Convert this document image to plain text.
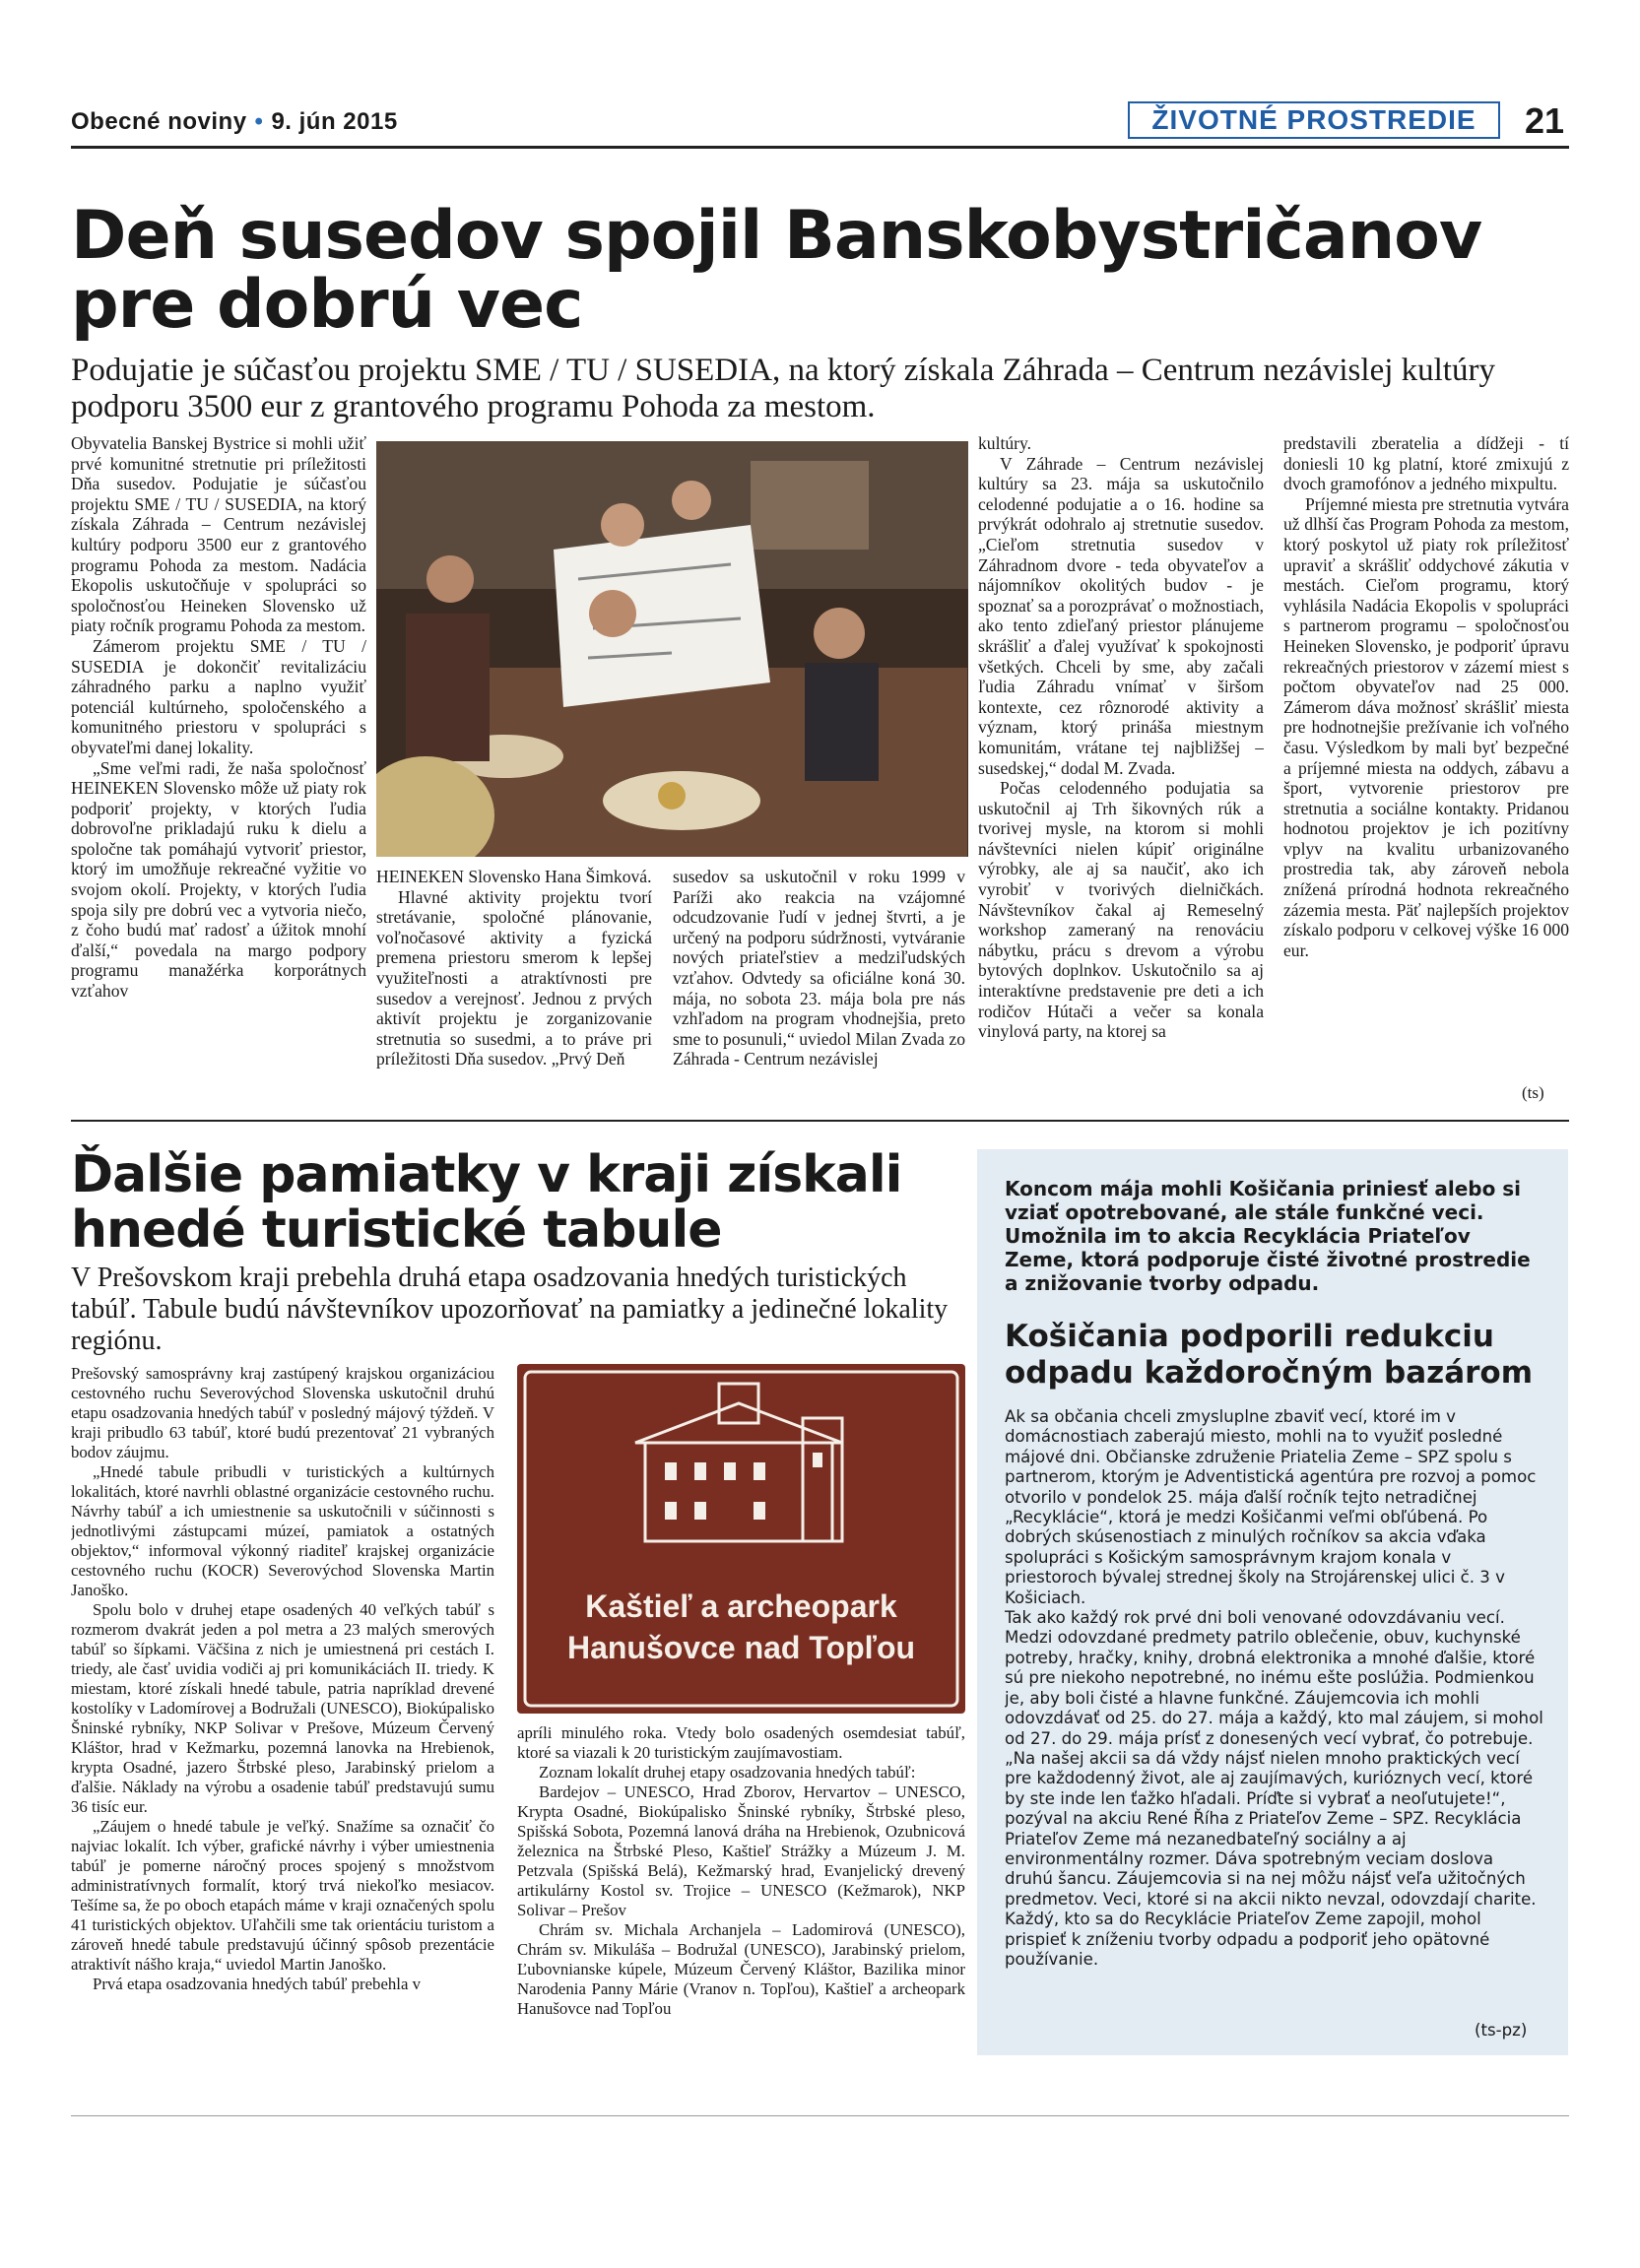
Obecné noviny • 9. jún 2015	ŽIVOTNÉ PROSTREDIE	21
Deň susedov spojil Banskobystričanov
pre dobrú vec
Podujatie je súčasťou projektu SME / TU / SUSEDIA, na ktorý získala Záhrada – Centrum nezávislej kultúry podporu 3500 eur z grantového programu Pohoda za mestom.

Obyvatelia Banskej Bystrice si mohli užiť prvé komunitné stretnutie pri príležitosti Dňa susedov. Podujatie je súčasťou projektu SME / TU / SUSEDIA, na ktorý získala Záhrada – Centrum nezávislej kultúry podporu 3500 eur z grantového programu Pohoda za mestom. Nadácia Ekopolis uskutočňuje v spolupráci so spoločnosťou Heineken Slovensko už piaty ročník programu Pohoda za mestom.

Zámerom projektu SME / TU / SUSEDIA je dokončiť revitalizáciu záhradného parku a naplno využiť potenciál kultúrneho, spoločenského a komunitného priestoru v spolupráci s obyvateľmi danej lokality.

„Sme veľmi radi, že naša spoločnosť HEINEKEN Slovensko môže už piaty rok podporiť projekty, v ktorých ľudia dobrovoľne prikladajú ruku k dielu a spoločne tak pomáhajú vytvoriť priestor, ktorý im umožňuje rekreačné vyžitie vo svojom okolí. Projekty, v ktorých ľudia spoja sily pre dobrú vec a vytvoria niečo, z čoho budú mať radosť a úžitok mnohí ďalší,“ povedala na margo podpory programu manažérka korporátnych vzťahov

HEINEKEN Slovensko Hana Šimková.

Hlavné aktivity projektu tvorí stretávanie, spoločné plánovanie, voľnočasové aktivity a fyzická premena priestoru smerom k lepšej využiteľnosti a atraktívnosti pre susedov a verejnosť. Jednou z prvých aktivít projektu je zorganizovanie stretnutia so susedmi, a to práve pri príležitosti Dňa susedov. „Prvý Deň

susedov sa uskutočnil v roku 1999 v Paríži ako reakcia na vzájomné odcudzovanie ľudí v jednej štvrti, a je určený na podporu súdržnosti, vytváranie nových priateľstiev a medziľudských vzťahov. Odvtedy sa oficiálne koná 30. mája, no sobota 23. mája bola pre nás vzhľadom na program vhodnejšia, preto sme to posunuli,“ uviedol Milan Zvada zo Záhrada - Centrum nezávislej

kultúry.

V Záhrade – Centrum nezávislej kultúry sa 23. mája sa uskutočnilo celodenné podujatie a o 16. hodine sa prvýkrát odohralo aj stretnutie susedov. „Cieľom stretnutia susedov v Záhradnom dvore - teda obyvateľov a nájomníkov okolitých budov - je spoznať sa a porozprávať o možnostiach, ako tento zdieľaný priestor plánujeme skrášliť a ďalej využívať k spokojnosti všetkých. Chceli by sme, aby začali ľudia Záhradu vnímať v širšom kontexte, cez rôznorodé aktivity a význam, ktorý prináša miestnym komunitám, vrátane tej najbližšej – susedskej,“ dodal M. Zvada.

Počas celodenného podujatia sa uskutočnil aj Trh šikovných rúk a tvorivej mysle, na ktorom si mohli návštevníci nielen kúpiť originálne výrobky, ale aj sa naučiť, ako ich vyrobiť v tvorivých dielničkách. Návštevníkov čakal aj Remeselný workshop zameraný na renováciu nábytku, prácu s drevom a výrobu bytových doplnkov. Uskutočnilo sa aj interaktívne predstavenie pre deti a ich rodičov Hútači a večer sa konala vinylová party, na ktorej sa

predstavili zberatelia a dídžeji - tí doniesli 10 kg platní, ktoré zmixujú z dvoch gramofónov a jedného mixpultu.

Príjemné miesta pre stretnutia vytvára už dlhší čas Program Pohoda za mestom, ktorý poskytol už piaty rok príležitosť upraviť a skrášliť oddychové zákutia v mestách. Cieľom programu, ktorý vyhlásila Nadácia Ekopolis v spolupráci s partnerom programu – spoločnosťou Heineken Slovensko, je podporiť úpravu rekreačných priestorov v zázemí miest s počtom obyvateľov nad 25 000. Zámerom dáva možnosť skrášliť miesta pre hodnotnejšie prežívanie ich voľného času. Výsledkom by mali byť bezpečné a príjemné miesta na oddych, zábavu a šport, vytvorenie priestorov pre stretnutia a sociálne kontakty. Pridanou hodnotou projektov je ich pozitívny vplyv na kvalitu urbanizovaného prostredia tak, aby zároveň nebola znížená prírodná hodnota rekreačného zázemia mesta. Päť najlepších projektov získalo podporu v celkovej výške 16 000 eur.

(ts)
Ďalšie pamiatky v kraji získali
hnedé turistické tabule
V Prešovskom kraji prebehla druhá etapa osadzovania hnedých turistických tabúľ. Tabule budú návštevníkov upozorňovať na pamiatky a jedinečné lokality regiónu.

Prešovský samosprávny kraj zastúpený krajskou organizáciou cestovného ruchu Severovýchod Slovenska uskutočnil druhú etapu osadzovania hnedých tabúľ v posledný májový týždeň. V kraji pribudlo 63 tabúľ, ktoré budú prezentovať 21 vybraných bodov záujmu.

„Hnedé tabule pribudli v turistických a kultúrnych lokalitách, ktoré navrhli oblastné organizácie cestovného ruchu. Návrhy tabúľ a ich umiestnenie sa uskutočnili v súčinnosti s jednotlivými zástupcami múzeí, pamiatok a ostatných objektov,“ informoval výkonný riaditeľ krajskej organizácie cestovného ruchu (KOCR) Severovýchod Slovenska Martin Janoško.

Spolu bolo v druhej etape osadených 40 veľkých tabúľ s rozmerom dvakrát jeden a pol metra a 23 malých smerových tabúľ so šípkami. Väčšina z nich je umiestnená pri cestách I. triedy, ale časť uvidia vodiči aj pri komunikáciách II. triedy. K miestam, ktoré získali hnedé tabule, patria napríklad drevené kostolíky v Ladomírovej a Bodružali (UNESCO), Biokúpalisko Šninské rybníky, NKP Solivar v Prešove, Múzeum Červený Kláštor, hrad v Kežmarku, pozemná lanovka na Hrebienok, krypta Osadné, jazero Štrbské pleso, Jarabinský prielom a ďalšie. Náklady na výrobu a osadenie tabúľ predstavujú sumu 36 tisíc eur.

„Záujem o hnedé tabule je veľký. Snažíme sa označiť čo najviac lokalít. Ich výber, grafické návrhy i výber umiestnenia tabúľ je pomerne náročný proces spojený s množstvom administratívnych formalít, ktorý trvá niekoľko mesiacov. Tešíme sa, že po oboch etapách máme v kraji označených spolu 41 turistických objektov. Uľahčili sme tak orientáciu turistom a zároveň hnedé tabule predstavujú účinný spôsob prezentácie atraktivít nášho kraja,“ uviedol Martin Janoško.

Prvá etapa osadzovania hnedých tabúľ prebehla v

Kaštieľ a archeopark
Hanušovce nad Topľou

apríli minulého roka. Vtedy bolo osadených osemdesiat tabúľ, ktoré sa viazali k 20 turistickým zaujímavostiam.

Zoznam lokalít druhej etapy osadzovania hnedých tabúľ:

Bardejov – UNESCO, Hrad Zborov, Hervartov – UNESCO, Krypta Osadné, Biokúpalisko Šninské rybníky, Štrbské pleso, Spišská Sobota, Pozemná lanová dráha na Hrebienok, Ozubnicová železnica na Štrbské Pleso, Kaštieľ Strážky a Múzeum J. M. Petzvala (Spišská Belá), Kežmarský hrad, Evanjelický drevený artikulárny Kostol sv. Trojice – UNESCO (Kežmarok), NKP Solivar – Prešov

Chrám sv. Michala Archanjela – Ladomirová (UNESCO), Chrám sv. Mikuláša – Bodružal (UNESCO), Jarabinský prielom, Ľubovnianske kúpele, Múzeum Červený Kláštor, Bazilika minor Narodenia Panny Márie (Vranov n. Topľou), Kaštieľ a archeopark Hanušovce nad Topľou

Koncom mája mohli Košičania priniesť alebo si vziať opotrebované, ale stále funkčné veci. Umožnila im to akcia Recyklácia Priateľov Zeme, ktorá podporuje čisté životné prostredie a znižovanie tvorby odpadu.
Košičania podporili redukciu odpadu každoročným bazárom

Ak sa občania chceli zmysluplne zbaviť vecí, ktoré im v domácnostiach zaberajú miesto, mohli na to využiť posledné májové dni. Občianske združenie Priatelia Zeme – SPZ spolu s partnerom, ktorým je Adventistická agentúra pre rozvoj a pomoc otvorilo v pondelok 25. mája ďalší ročník tejto netradičnej „Recyklácie“, ktorá je medzi Košičanmi veľmi obľúbená. Po dobrých skúsenostiach z minulých ročníkov sa akcia vďaka spolupráci s Košickým samosprávnym krajom konala v priestoroch bývalej strednej školy na Strojárenskej ulici č. 3 v Košiciach.

Tak ako každý rok prvé dni boli venované odovzdávaniu vecí. Medzi odovzdané predmety patrilo oblečenie, obuv, kuchynské potreby, hračky, knihy, drobná elektronika a mnohé ďalšie, ktoré sú pre niekoho nepotrebné, no inému ešte poslúžia. Podmienkou je, aby boli čisté a hlavne funkčné. Záujemcovia ich mohli odovzdávať od 25. do 27. mája a každý, kto mal záujem, si mohol od 27. do 29. mája prísť z donesených vecí vybrať, čo potrebuje.

„Na našej akcii sa dá vždy nájsť nielen mnoho praktických vecí pre každodenný život, ale aj zaujímavých, kurióznych vecí, ktoré by ste inde len ťažko hľadali. Príďte si vybrať a neoľutujete!“, pozýval na akciu René Říha z Priateľov Zeme – SPZ. Recyklácia Priateľov Zeme má nezanedbateľný sociálny a aj environmentálny rozmer. Dáva spotrebným veciam doslova druhú šancu. Záujemcovia si na nej môžu nájsť veľa užitočných predmetov. Veci, ktoré si na akcii nikto nevzal, odovzdají charite. Každý, kto sa do Recyklácie Priateľov Zeme zapojil, mohol prispieť k zníženiu tvorby odpadu a podporiť jeho opätovné používanie.

(ts-pz)
